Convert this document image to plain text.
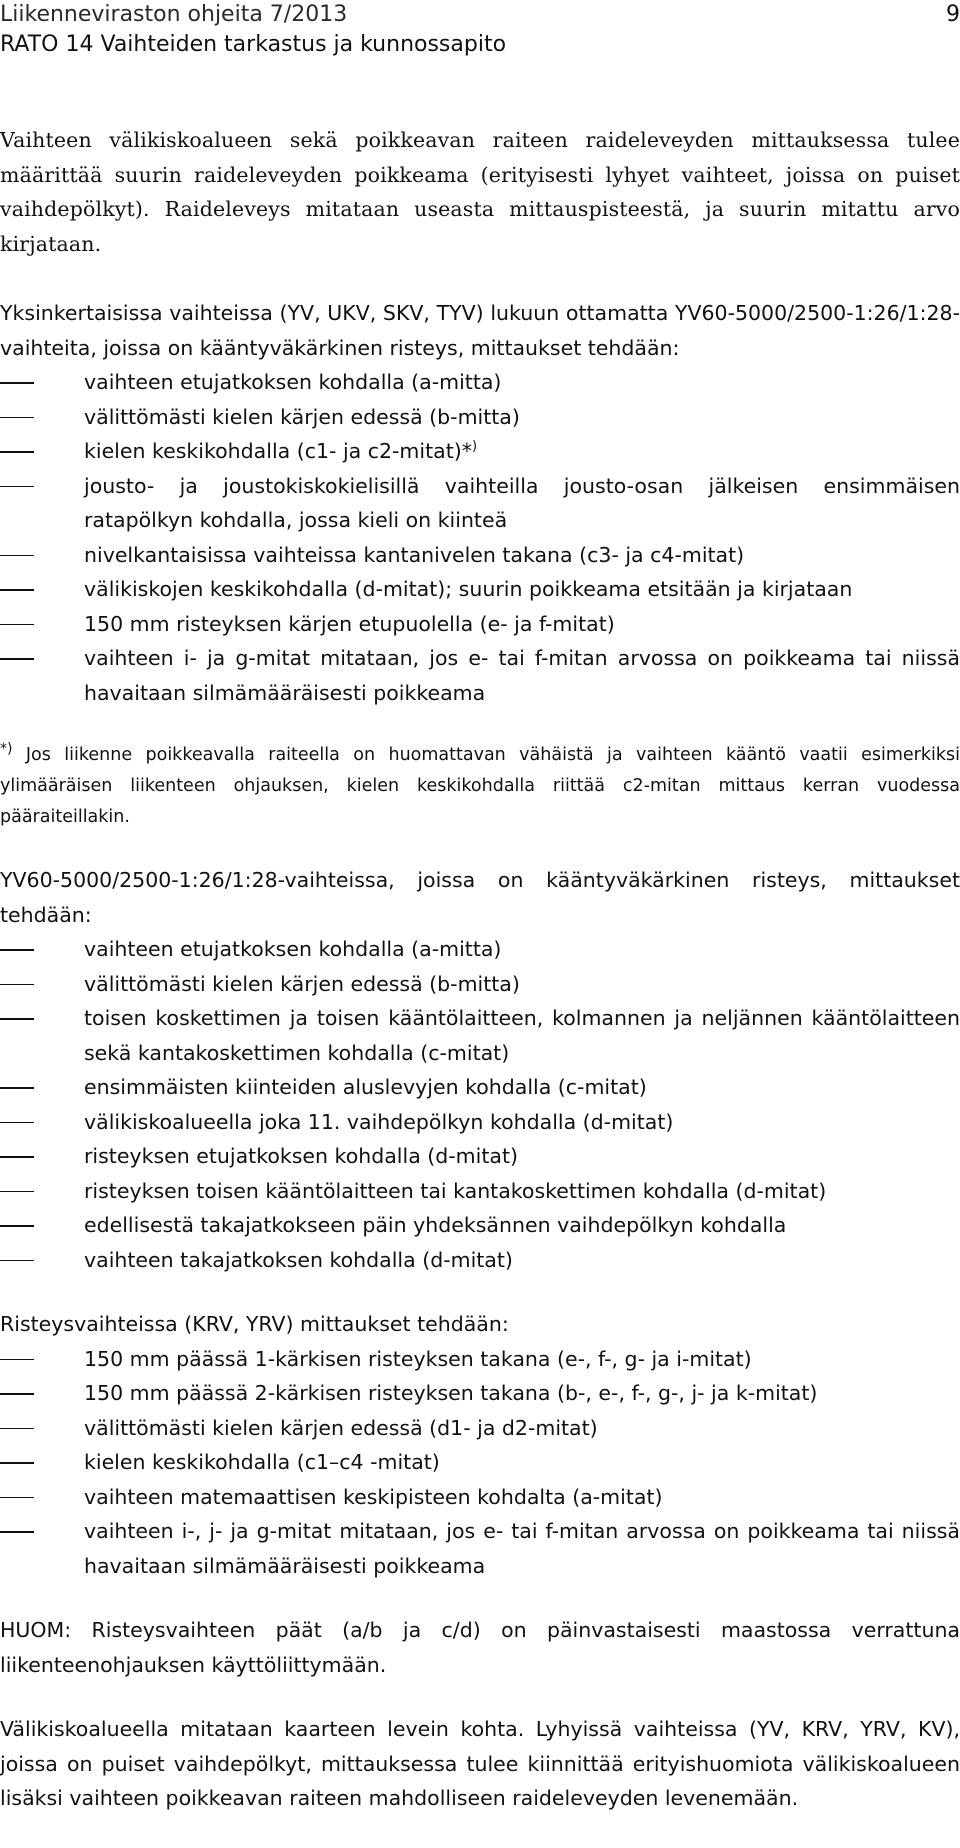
Liikenneviraston ohjeita 7/2013
RATO 14 Vaihteiden tarkastus ja kunnossapito
9

Vaihteen välikiskoalueen sekä poikkeavan raiteen raideleveyden mittauksessa tulee määrittää suurin raideleveyden poikkeama (erityisesti lyhyet vaihteet, joissa on puiset vaihdepölkyt). Raideleveys mitataan useasta mittauspisteestä, ja suurin mitattu arvo kirjataan.

Yksinkertaisissa vaihteissa (YV, UKV, SKV, TYV) lukuun ottamatta YV60-5000/2500-1:26/1:28-vaihteita, joissa on kääntyväkärkinen risteys, mittaukset tehdään:

vaihteen etujatkoksen kohdalla (a-mitta)
välittömästi kielen kärjen edessä (b-mitta)
kielen keskikohdalla (c1- ja c2-mitat)*)
jousto- ja joustokiskokielisillä vaihteilla jousto-osan jälkeisen ensimmäisen ratapölkyn kohdalla, jossa kieli on kiinteä
nivelkantaisissa vaihteissa kantanivelen takana (c3- ja c4-mitat)
välikiskojen keskikohdalla (d-mitat); suurin poikkeama etsitään ja kirjataan
150 mm risteyksen kärjen etupuolella (e- ja f-mitat)
vaihteen i- ja g-mitat mitataan, jos e- tai f-mitan arvossa on poikkeama tai niissä havaitaan silmämääräisesti poikkeama

*) Jos liikenne poikkeavalla raiteella on huomattavan vähäistä ja vaihteen kääntö vaatii esimerkiksi ylimääräisen liikenteen ohjauksen, kielen keskikohdalla riittää c2-mitan mittaus kerran vuodessa pääraiteillakin.

YV60-5000/2500-1:26/1:28-vaihteissa, joissa on kääntyväkärkinen risteys, mittaukset tehdään:

vaihteen etujatkoksen kohdalla (a-mitta)
välittömästi kielen kärjen edessä (b-mitta)
toisen koskettimen ja toisen kääntölaitteen, kolmannen ja neljännen kääntölaitteen sekä kantakoskettimen kohdalla (c-mitat)
ensimmäisten kiinteiden aluslevyjen kohdalla (c-mitat)
välikiskoalueella joka 11. vaihdepölkyn kohdalla (d-mitat)
risteyksen etujatkoksen kohdalla (d-mitat)
risteyksen toisen kääntölaitteen tai kantakoskettimen kohdalla (d-mitat)
edellisestä takajatkokseen päin yhdeksännen vaihdepölkyn kohdalla
vaihteen takajatkoksen kohdalla (d-mitat)

Risteysvaihteissa (KRV, YRV) mittaukset tehdään:

150 mm päässä 1-kärkisen risteyksen takana (e-, f-, g- ja i-mitat)
150 mm päässä 2-kärkisen risteyksen takana (b-, e-, f-, g-, j- ja k-mitat)
välittömästi kielen kärjen edessä (d1- ja d2-mitat)
kielen keskikohdalla (c1–c4 -mitat)
vaihteen matemaattisen keskipisteen kohdalta (a-mitat)
vaihteen i-, j- ja g-mitat mitataan, jos e- tai f-mitan arvossa on poikkeama tai niissä havaitaan silmämääräisesti poikkeama

HUOM: Risteysvaihteen päät (a/b ja c/d) on päinvastaisesti maastossa verrattuna liikenteenohjauksen käyttöliittymään.

Välikiskoalueella mitataan kaarteen levein kohta. Lyhyissä vaihteissa (YV, KRV, YRV, KV), joissa on puiset vaihdepölkyt, mittauksessa tulee kiinnittää erityishuomiota välikiskoalueen lisäksi vaihteen poikkeavan raiteen mahdolliseen raideleveyden levenemään.
